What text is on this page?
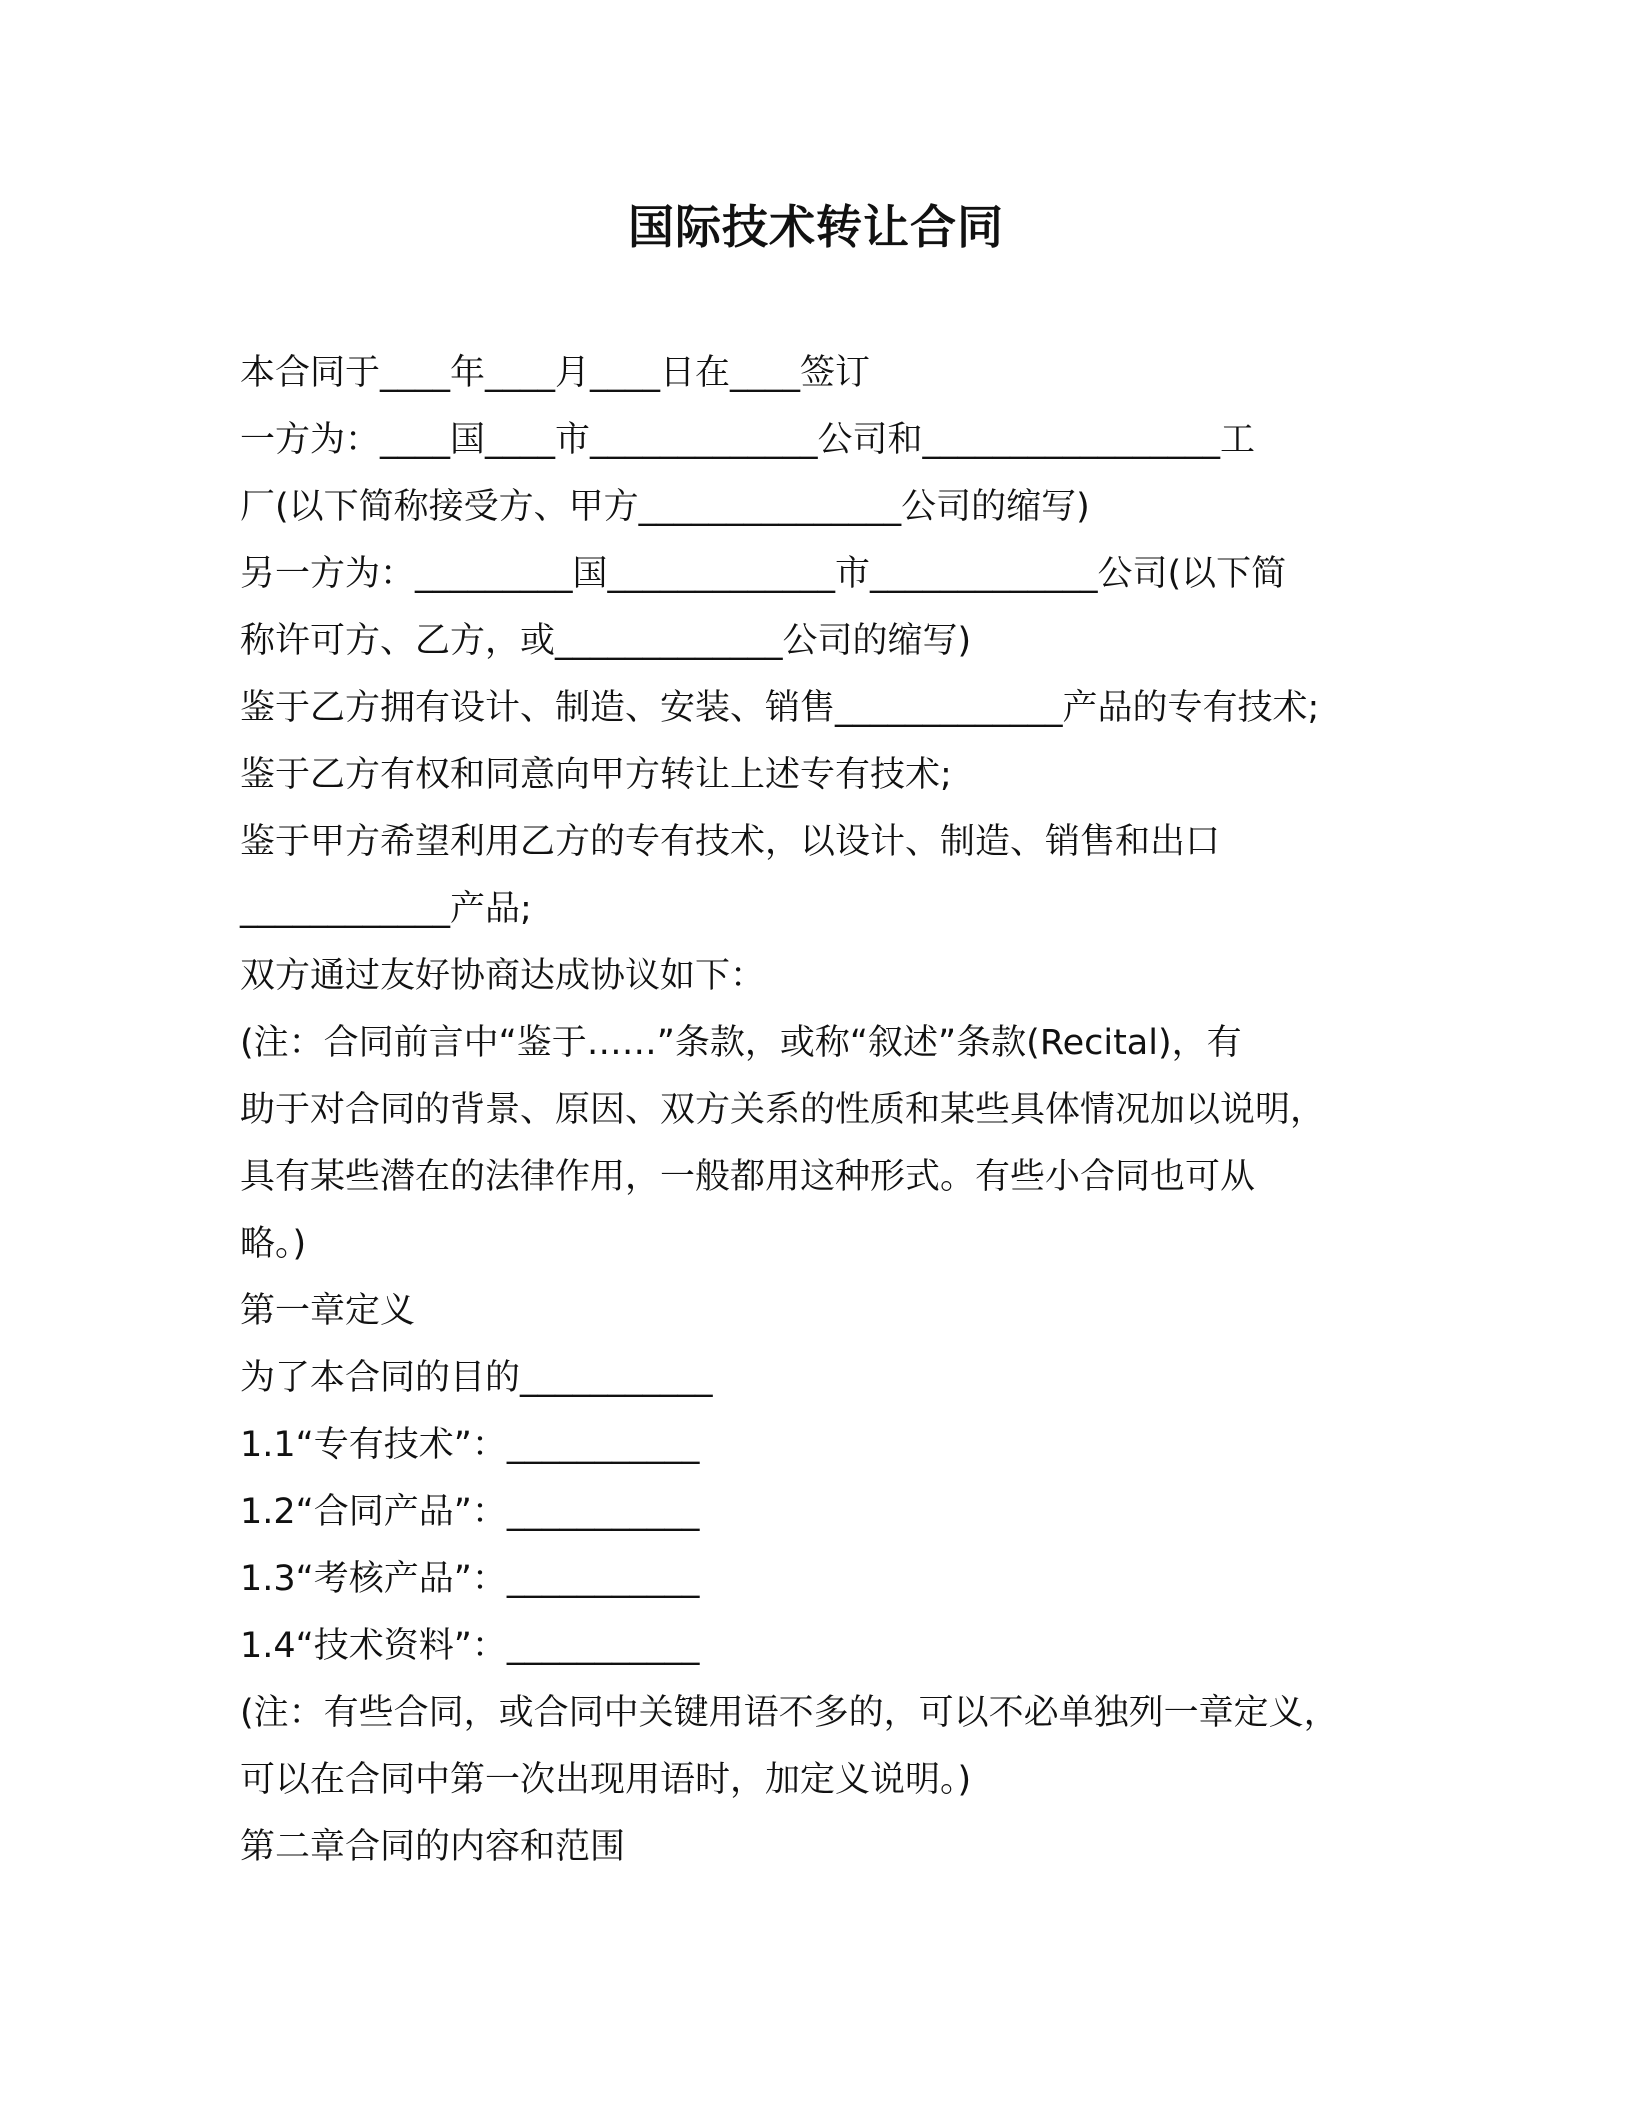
国际技术转让合同
本合同于____年____月____日在____签订
一方为：____国____市_____________公司和_________________工
厂(以下简称接受方、甲方_______________公司的缩写)
另一方为：_________国_____________市_____________公司(以下简
称许可方、乙方，或_____________公司的缩写)
鉴于乙方拥有设计、制造、安装、销售_____________产品的专有技术;
鉴于乙方有权和同意向甲方转让上述专有技术;
鉴于甲方希望利用乙方的专有技术，以设计、制造、销售和出口
____________产品;
双方通过友好协商达成协议如下：
(注：合同前言中“鉴于……”条款，或称“叙述”条款(Recital)，有
助于对合同的背景、原因、双方关系的性质和某些具体情况加以说明，
具有某些潜在的法律作用，一般都用这种形式。有些小合同也可从
略。)
第一章定义
为了本合同的目的___________
1.1“专有技术”：___________
1.2“合同产品”：___________
1.3“考核产品”：___________
1.4“技术资料”：___________
(注：有些合同，或合同中关键用语不多的，可以不必单独列一章定义，
可以在合同中第一次出现用语时，加定义说明。)
第二章合同的内容和范围
